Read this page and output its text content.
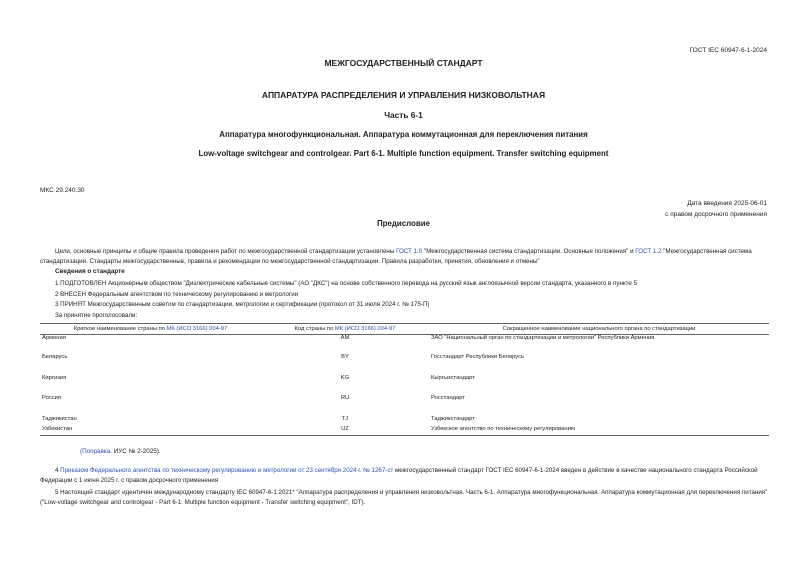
ГОСТ IEC 60947-6-1-2024
МЕЖГОСУДАРСТВЕННЫЙ СТАНДАРТ
АППАРАТУРА РАСПРЕДЕЛЕНИЯ И УПРАВЛЕНИЯ НИЗКОВОЛЬТНАЯ
Часть 6-1
Аппаратура многофункциональная. Аппаратура коммутационная для переключения питания
Low-voltage switchgear and controlgear. Part 6-1. Multiple function equipment. Transfer switching equipment
МКС 29.240.30
Дата введения 2025-06-01
с правом досрочного применения
Предисловие
Цели, основные принципы и общие правила проведения работ по межгосударственной стандартизации установлены ГОСТ 1.0 "Межгосударственная система стандартизации. Основные положения" и ГОСТ 1.2 "Межгосударственная система стандартизации. Стандарты межгосударственные, правила и рекомендации по межгосударственной стандартизации. Правила разработки, принятия, обновления и отмены"
Сведения о стандарте
1 ПОДГОТОВЛЕН Акционерным обществом "Диэлектрические кабельные системы" (АО "ДКС") на основе собственного перевода на русский язык англоязычной версии стандарта, указанного в пункте 5
2 ВНЕСЕН Федеральным агентством по техническому регулированию и метрологии
3 ПРИНЯТ Межгосударственным советом по стандартизации, метрологии и сертификации (протокол от 31 июля 2024 г. № 175-П)
За принятие проголосовали:
Краткое наименование страны по МК (ИСО 3166) 004-97	Код страны по МК (ИСО 3166) 004-97	Сокращенное наименование национального органа по стандартизации
Армения	AM	ЗАО "Национальный орган по стандартизации и метрологии" Республики Армения
Беларусь	BY	Госстандарт Республики Беларусь
Киргизия	KG	Кыргызстандарт
Россия	RU	Росстандарт
Таджикистан	TJ	Таджикстандарт
Узбекистан	UZ	Узбекское агентство по техническому регулированию
(Поправка. ИУС № 2-2025).
4 Приказом Федерального агентства по техническому регулированию и метрологии от 23 сентября 2024 г. № 1267-ст межгосударственный стандарт ГОСТ IEC 60947-6-1-2024 введен в действие в качестве национального стандарта Российской Федерации с 1 июня 2025 г. с правом досрочного применения
5 Настоящий стандарт идентичен международному стандарту IEC 60947-6-1:2021* "Аппаратура распределения и управления низковольтная. Часть 6-1. Аппаратура многофункциональная. Аппаратура коммутационная для переключения питания" ("Low-voltage switchgear and controlgear - Part 6-1: Multiple function equipment - Transfer switching equipment", IDT).
